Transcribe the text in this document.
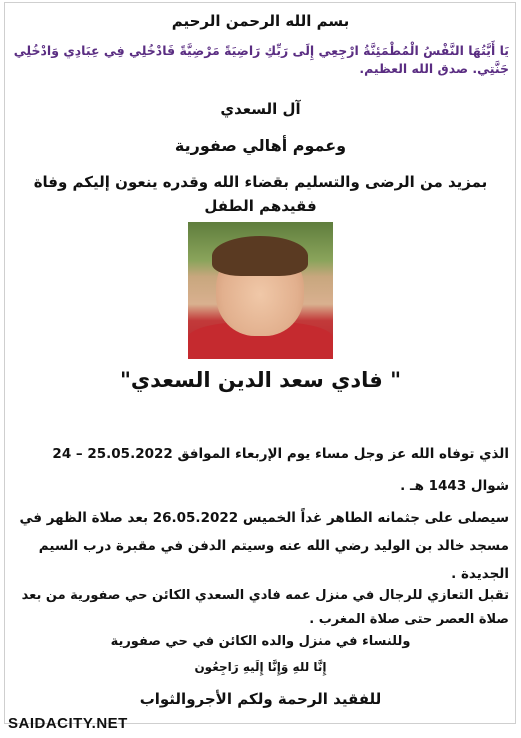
بسم الله الرحمن الرحيم
يَا أَيَّتُهَا النَّفْسُ الْمُطْمَئِنَّةُ ارْجِعِي إِلَى رَبِّكِ رَاضِيَةً مَرْضِيَّةً فَادْخُلِي فِي عِبَادِي وَادْخُلِي جَنَّتِي. صدق الله العظيم.
آل السعدي
وعموم أهالي صفورية
بمزيد من الرضى والتسليم بقضاء الله وقدره ينعون إليكم وفاة فقيدهم الطفل
" فادي سعد الدين السعدي"
الذي توفاه الله عز وجل مساء يوم الإربعاء الموافق 25.05.2022 – 24 شوال 1443 هـ .
سيصلى على جثمانه الطاهر غداً الخميس 26.05.2022 بعد صلاة الظهر في مسجد خالد بن الوليد رضي الله عنه وسيتم الدفن في مقبرة درب السيم الجديدة .
تقبل التعازي للرجال في منزل عمه فادي السعدي الكائن حي صفورية من بعد صلاة العصر حتى صلاة المغرب .
وللنساء في منزل والده الكائن في حي صفورية
إِنَّا للهِ وَإِنَّا إِلَيهِ رَاجِعُون
للفقيد الرحمة ولكم الأجروالثواب
SAIDACITY.NET
